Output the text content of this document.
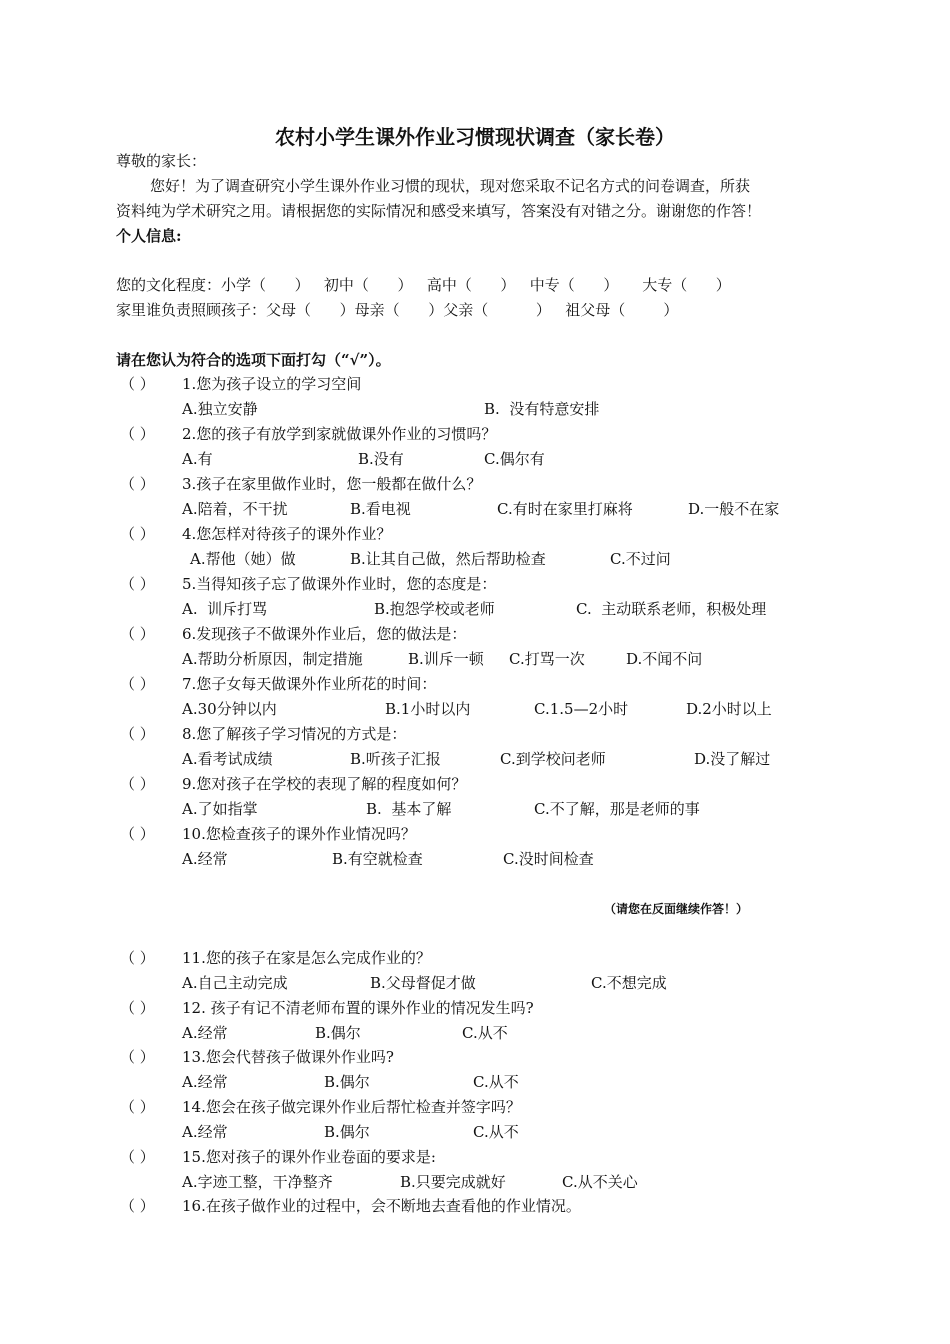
农村小学生课外作业习惯现状调查（家长卷）
尊敬的家长：
您好！为了调查研究小学生课外作业习惯的现状，现对您采取不记名方式的问卷调查，所获
资料纯为学术研究之用。请根据您的实际情况和感受来填写，答案没有对错之分。谢谢您的作答！
个人信息:
您的文化程度：小学（      ）   初中（      ）   高中（      ）   中专（      ）     大专（      ）
家里谁负责照顾孩子：父母（      ）母亲（      ）父亲（          ）   祖父母（        ）
请在您认为符合的选项下面打勾（“√”）。
（ ） 1.您为孩子设立的学习空间
A.独立安静	B.  没有特意安排
（ ） 2.您的孩子有放学到家就做课外作业的习惯吗？
A.有	B.没有	C.偶尔有
（ ） 3.孩子在家里做作业时，您一般都在做什么？
A.陪着，不干扰	B.看电视	C.有时在家里打麻将	D.一般不在家
（ ） 4.您怎样对待孩子的课外作业？
A.帮他（她）做	B.让其自己做，然后帮助检查	C.不过问
（ ） 5.当得知孩子忘了做课外作业时，您的态度是：
A.  训斥打骂	B.抱怨学校或老师	C.  主动联系老师，积极处理
（ ） 6.发现孩子不做课外作业后，您的做法是：
A.帮助分析原因，制定措施	B.训斥一顿 C.打骂一次	D.不闻不问
（ ） 7.您子女每天做课外作业所花的时间：
A.30分钟以内	B.1小时以内	C.1.5—2小时	D.2小时以上
（ ） 8.您了解孩子学习情况的方式是：
A.看考试成绩	B.听孩子汇报	C.到学校问老师	D.没了解过
（ ） 9.您对孩子在学校的表现了解的程度如何？
A.了如指掌	B.  基本了解	C.不了解，那是老师的事
（ ） 10.您检查孩子的课外作业情况吗？
A.经常	B.有空就检查	C.没时间检查
（请您在反面继续作答！）
（ ） 11.您的孩子在家是怎么完成作业的？
A.自己主动完成	B.父母督促才做	C.不想完成
（ ） 12. 孩子有记不清老师布置的课外作业的情况发生吗?
A.经常	B.偶尔	C.从不
（ ） 13.您会代替孩子做课外作业吗?
A.经常	B.偶尔	C.从不
（ ） 14.您会在孩子做完课外作业后帮忙检查并签字吗？
A.经常	B.偶尔	C.从不
（ ） 15.您对孩子的课外作业卷面的要求是:
A.字迹工整，干净整齐	B.只要完成就好	C.从不关心
（ ） 16.在孩子做作业的过程中，会不断地去查看他的作业情况。
